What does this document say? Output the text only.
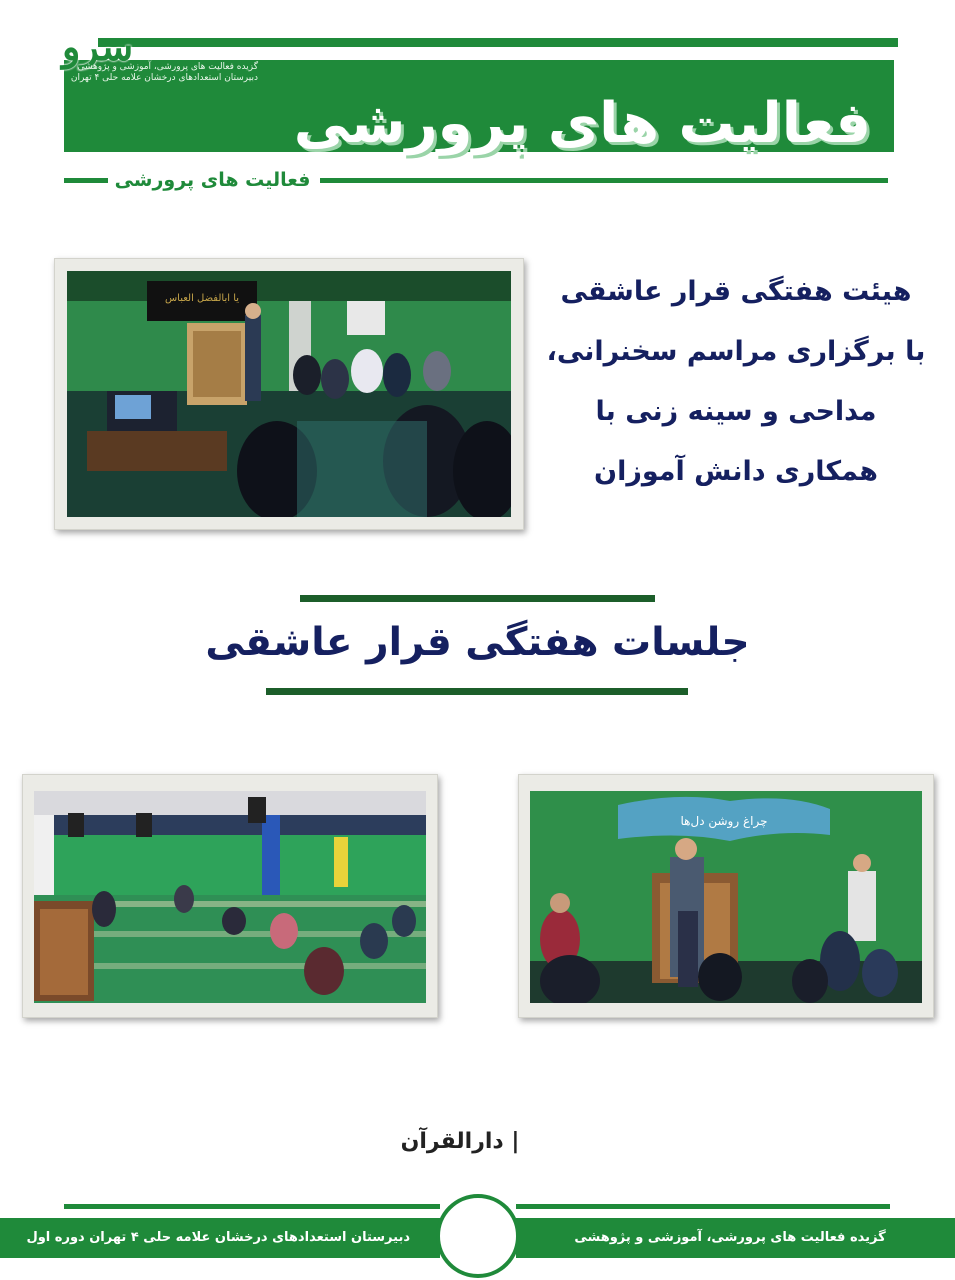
سرو
گزیده فعالیت های پرورشی، آموزشی و پژوهشی
دبیرستان استعدادهای درخشان علامه حلی ۴ تهران
فعالیت های پرورشی
فعالیت های پرورشی
یا ابالفضل العباس	هیئت هفتگی قرار عاشقی
با برگزاری مراسم سخنرانی،
مداحی و سینه زنی با
همکاری دانش آموزان
جلسات هفتگی قرار عاشقی
چراغ روشن دل‌ها
| دارالقرآن
دبیرستان استعدادهای درخشان علامه حلی ۴ تهران دوره اول	گزیده فعالیت های پرورشی، آموزشی و پژوهشی
